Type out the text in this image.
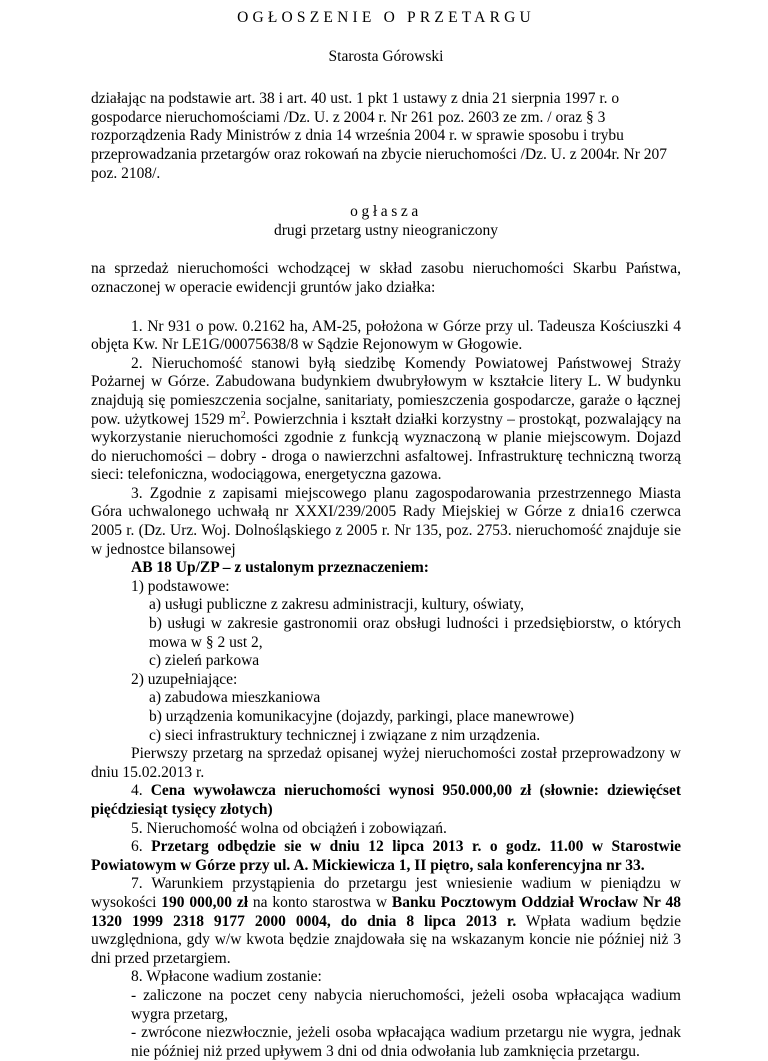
OGŁOSZENIE O PRZETARGU

Starosta Górowski

działając na podstawie art. 38 i art. 40 ust. 1 pkt 1 ustawy z dnia 21 sierpnia 1997 r. o gospodarce nieruchomościami /Dz. U. z 2004 r. Nr 261 poz. 2603 ze zm. / oraz § 3 rozporządzenia Rady Ministrów z dnia 14 września 2004 r. w sprawie sposobu i trybu przeprowadzania przetargów oraz rokowań na zbycie nieruchomości /Dz. U. z 2004r. Nr 207 poz. 2108/.

ogłasza

drugi przetarg ustny nieograniczony

na sprzedaż nieruchomości wchodzącej w skład zasobu nieruchomości Skarbu Państwa, oznaczonej w operacie ewidencji gruntów jako działka:

1. Nr 931 o pow. 0.2162 ha, AM-25, położona w Górze przy ul. Tadeusza Kościuszki 4 objęta Kw. Nr LE1G/00075638/8 w Sądzie Rejonowym w Głogowie.

2. Nieruchomość stanowi byłą siedzibę Komendy Powiatowej Państwowej Straży Pożarnej w Górze. Zabudowana budynkiem dwubryłowym w kształcie litery L. W budynku znajdują się pomieszczenia socjalne, sanitariaty, pomieszczenia gospodarcze, garaże o łącznej pow. użytkowej 1529 $m^2$. Powierzchnia i kształt działki korzystny – prostokąt, pozwalający na wykorzystanie nieruchomości zgodnie z funkcją wyznaczoną w planie miejscowym. Dojazd do nieruchomości – dobry - droga o nawierzchni asfaltowej. Infrastrukturę techniczną tworzą sieci: telefoniczna, wodociągowa, energetyczna gazowa.

3. Zgodnie z zapisami miejscowego planu zagospodarowania przestrzennego Miasta Góra uchwalonego uchwałą nr XXXI/239/2005 Rady Miejskiej w Górze z dnia16 czerwca 2005 r. (Dz. Urz. Woj. Dolnośląskiego z 2005 r. Nr 135, poz. 2753. nieruchomość znajduje sie w jednostce bilansowej

AB 18 Up/ZP – z ustalonym przeznaczeniem:

1) podstawowe:

a) usługi publiczne z zakresu administracji, kultury, oświaty,

b) usługi w zakresie gastronomii oraz obsługi ludności i przedsiębiorstw, o których mowa w § 2 ust 2,

c) zieleń parkowa

2) uzupełniające:

a) zabudowa mieszkaniowa

b) urządzenia komunikacyjne (dojazdy, parkingi, place manewrowe)

c) sieci infrastruktury technicznej i związane z nim urządzenia.

Pierwszy przetarg na sprzedaż opisanej wyżej nieruchomości został przeprowadzony w dniu 15.02.2013 r.

4. Cena wywoławcza nieruchomości wynosi 950.000,00 zł (słownie: dziewięćset pięćdziesiąt tysięcy złotych)

5. Nieruchomość wolna od obciążeń i zobowiązań.

6. Przetarg odbędzie sie w dniu 12 lipca 2013 r. o godz. 11.00 w Starostwie Powiatowym w Górze przy ul. A. Mickiewicza 1, II piętro, sala konferencyjna nr 33.

7. Warunkiem przystąpienia do przetargu jest wniesienie wadium w pieniądzu w wysokości 190 000,00 zł na konto starostwa w Banku Pocztowym Oddział Wrocław Nr 48 1320 1999 2318 9177 2000 0004, do dnia 8 lipca 2013 r. Wpłata wadium będzie uwzględniona, gdy w/w kwota będzie znajdowała się na wskazanym koncie nie później niż 3 dni przed przetargiem.

8. Wpłacone wadium zostanie:

- zaliczone na poczet ceny nabycia nieruchomości, jeżeli osoba wpłacająca wadium wygra przetarg,

- zwrócone niezwłocznie, jeżeli osoba wpłacająca wadium przetargu nie wygra, jednak nie później niż przed upływem 3 dni od dnia odwołania lub zamknięcia przetargu.
